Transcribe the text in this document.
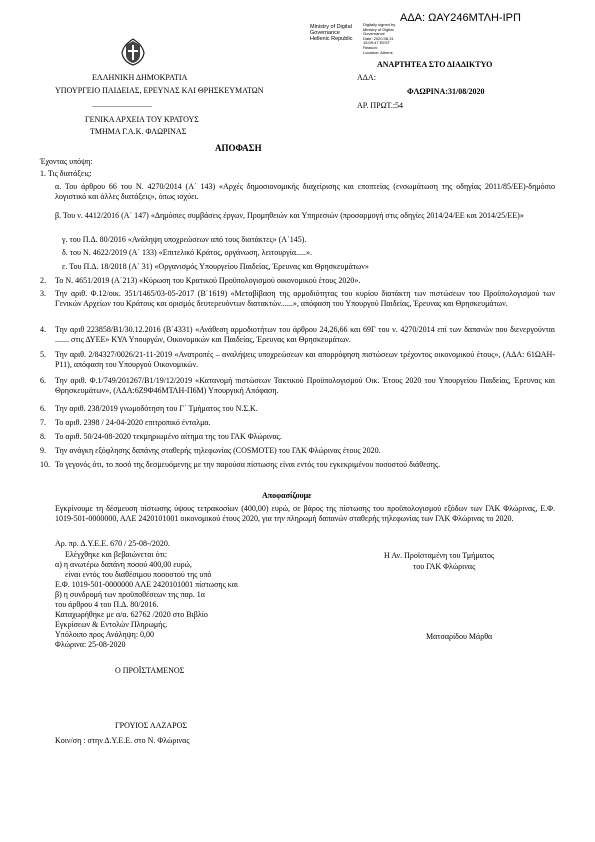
ΑΔΑ: ΩΑΥ246ΜΤΛΗ-ΙΡΠ
Ministry of Digital
Governance
Hellenic Republic
Digitally signed by
Ministry of Digital
Governance
Date: 2020.08.31
15:09:47 EEST
Reason:
Location: Athens
ΑΝΑΡΤΗΤΕΑ ΣΤΟ ΔΙΑΔΙΚΤΥΟ
ΕΛΛΗΝΙΚΗ ΔΗΜΟΚΡΑΤΙΑ
ΥΠΟΥΡΓΕΙΟ ΠΑΙΔΕΙΑΣ, ΕΡΕΥΝΑΣ ΚΑΙ ΘΡΗΣΚΕΥΜΑΤΩΝ
..............................
ΓΕΝΙΚΑ ΑΡΧΕΙΑ ΤΟΥ ΚΡΑΤΟΥΣ
ΤΜΗΜΑ Γ.Α.Κ. ΦΛΩΡΙΝΑΣ
ΑΔΑ:
ΦΛΩΡΙΝΑ:31/08/2020
ΑΡ. ΠΡΩΤ.:54
ΑΠΟΦΑΣΗ
Έχοντας υπόψη:
1. Τις διατάξεις:
α. Του άρθρου 66 του Ν. 4270/2014 (Α΄ 143) «Αρχές δημοσιονομικής διαχείρισης και εποπτείας (ενσωμάτωση της οδηγίας 2011/85/ΕΕ)-δημόσιο λογιστικό και άλλες διατάξεις», όπως ισχύει.
β. Του ν. 4412/2016 (Α΄ 147) «Δημόσιες συμβάσεις έργων, Προμηθειών και Υπηρεσιών (προσαρμογή στις οδηγίες 2014/24/ΕΕ και 2014/25/ΕΕ)»
γ. του Π.Δ. 80/2016 «Ανάληψη υποχρεώσεων από τους διατάκτες» (Α΄145).
δ. του Ν. 4622/2019 (Α΄ 133) «Επιτελικό Κράτος, οργάνωση, λειτουργία.....».
ε. Του Π.Δ. 18/2018 (Α΄ 31) «Οργανισμός Υπουργείου Παιδείας, Έρευνας και Θρησκευμάτων»
2. Το Ν. 4651/2019 (Α΄213) «Κύρωση του Κρατικού Προϋπολογισμού οικονομικού έτους 2020».
3. Την αριθ. Φ.12/οικ. 351/1465/03-05-2017 (Β΄1619) «Μεταβίβαση της αρμοδιότητας του κυρίου διατάκτη των πιστώσεων του Προϋπολογισμού των Γενικών Αρχείων του Κράτους και ορισμός δευτερευόντων διατακτών......», απόφαση του Υπουργού Παιδείας, Έρευνας και Θρησκευμάτων.
4. Την αριθ 223858/Β1/30.12.2016 (Β΄4331) «Ανάθεση αρμοδιοτήτων του άρθρου 24,26,66 και 69Γ του ν. 4270/2014 επί των δαπανών που διενεργούνται ....... στις ΔΥΕΕ» ΚΥΑ Υπουργών, Οικονομικών και Παιδείας, Έρευνας και Θρησκευμάτων.
5. Την αριθ. 2/84327/0026/21-11-2019 «Ανατροπές – αναλήψεις υποχρεώσεων και απορρόφηση πιστώσεων τρέχοντος οικονομικού έτους», (ΑΔΑ: 61ΩΑΗ-Ρ11), απόφαση του Υπουργού Οικονομικών.
6. Την αριθ. Φ.1/749/201267/Β1/19/12/2019 «Κατανομή πιστώσεων Τακτικού Προϋπολογισμού Οικ. Έτους 2020 του Υπουργείου Παιδείας, Έρευνας και Θρησκευμάτων», (ΑΔΑ:6Ζ9Φ46ΜΤΛΗ-Π6Μ) Υπουργική Απόφαση.
6. Την αριθ. 238/2019 γνωμοδότηση του Γ΄ Τμήματος του Ν.Σ.Κ.
7. Το αριθ. 2398 / 24-04-2020 επιτροπικό ένταλμα.
8. Το αριθ. 50/24-08-2020 τεκμηριωμένο αίτημα της του ΓΑΚ Φλώρινας.
9. Την ανάγκη εξόφλησης δαπάνης σταθερής τηλεφωνίας (COSMOTE) του ΓΑΚ Φλώρινας έτους 2020.
10. Το γεγονός ότι, το ποσό της δεσμευόμενης με την παρούσα πίστωσης είναι εντός του εγκεκριμένου ποσοστού διάθεσης.
Αποφασίζουμε
Εγκρίνουμε τη δέσμευση πίστωσης ύψους τετρακοσίων (400,00) ευρώ, σε βάρος της πίστωσης του προϋπολογισμού εξόδων των ΓΑΚ Φλώρινας, Ε.Φ. 1019-501-0000000, ΑΛΕ 2420101001 οικονομικού έτους 2020, για την πληρωμή δαπανών σταθερής τηλεφωνίας των ΓΑΚ Φλώρινας το 2020.
Αρ. πρ. Δ.Υ.Ε.Ε. 670 / 25-08-/2020.
Ελέγχθηκε και βεβαιώνεται ότι:
α) η ανωτέρω δαπάνη ποσού 400,00 ευρώ,
είναι εντός του διαθέσιμου ποσοστού της υπό
Ε.Φ. 1019-501-0000000 ΑΛΕ 2420101001 πίστωσης και
β) η συνδρομή των προϋποθέσεων της παρ. 1α
του άρθρου 4 του Π.Δ. 80/2016.
Καταχωρήθηκε με α/α. 62762 /2020 στο Βιβλίο
Εγκρίσεων & Εντολών Πληρωμής.
Υπόλοιπο προς Ανάληψη: 0,00
Φλώρινα: 25-08-2020
Ο ΠΡΟΪΣΤΑΜΕΝΟΣ
Η Αν. Προϊσταμένη του Τμήματος
του ΓΑΚ Φλώρινας
Ματσαρίδου Μάρθα
ΓΡΟΥΙΟΣ ΛΑΖΑΡΟΣ
Κοιν/ση : στην Δ.Υ.Ε.Ε. στο Ν. Φλώρινας
